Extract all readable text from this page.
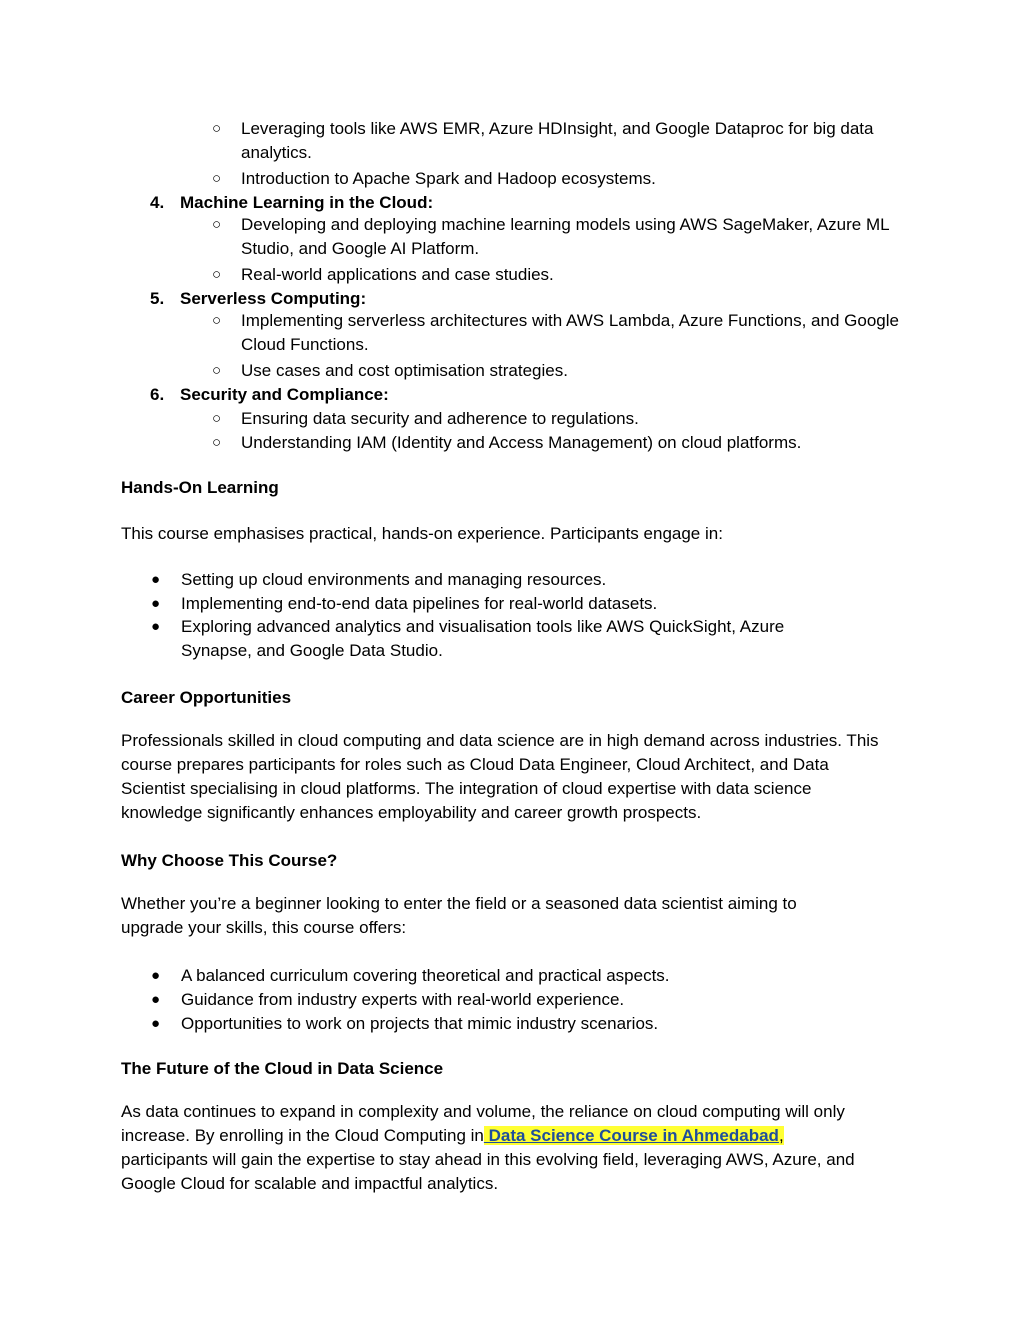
○	Leveraging tools like AWS EMR, Azure HDInsight, and Google Dataproc for big data analytics.
○	Introduction to Apache Spark and Hadoop ecosystems.
4. Machine Learning in the Cloud:
○	Developing and deploying machine learning models using AWS SageMaker, Azure ML Studio, and Google AI Platform.
○	Real-world applications and case studies.
5. Serverless Computing:
○	Implementing serverless architectures with AWS Lambda, Azure Functions, and Google Cloud Functions.
○	Use cases and cost optimisation strategies.
6. Security and Compliance:
○	Ensuring data security and adherence to regulations.
○	Understanding IAM (Identity and Access Management) on cloud platforms.
Hands-On Learning
This course emphasises practical, hands-on experience. Participants engage in:
● Setting up cloud environments and managing resources.
● Implementing end-to-end data pipelines for real-world datasets.
● Exploring advanced analytics and visualisation tools like AWS QuickSight, Azure Synapse, and Google Data Studio.
Career Opportunities
Professionals skilled in cloud computing and data science are in high demand across industries. This course prepares participants for roles such as Cloud Data Engineer, Cloud Architect, and Data Scientist specialising in cloud platforms. The integration of cloud expertise with data science knowledge significantly enhances employability and career growth prospects.
Why Choose This Course?
Whether you’re a beginner looking to enter the field or a seasoned data scientist aiming to upgrade your skills, this course offers:
● A balanced curriculum covering theoretical and practical aspects.
● Guidance from industry experts with real-world experience.
● Opportunities to work on projects that mimic industry scenarios.
The Future of the Cloud in Data Science
As data continues to expand in complexity and volume, the reliance on cloud computing will only increase. By enrolling in the Cloud Computing in Data Science Course in Ahmedabad,
participants will gain the expertise to stay ahead in this evolving field, leveraging AWS, Azure, and Google Cloud for scalable and impactful analytics.
